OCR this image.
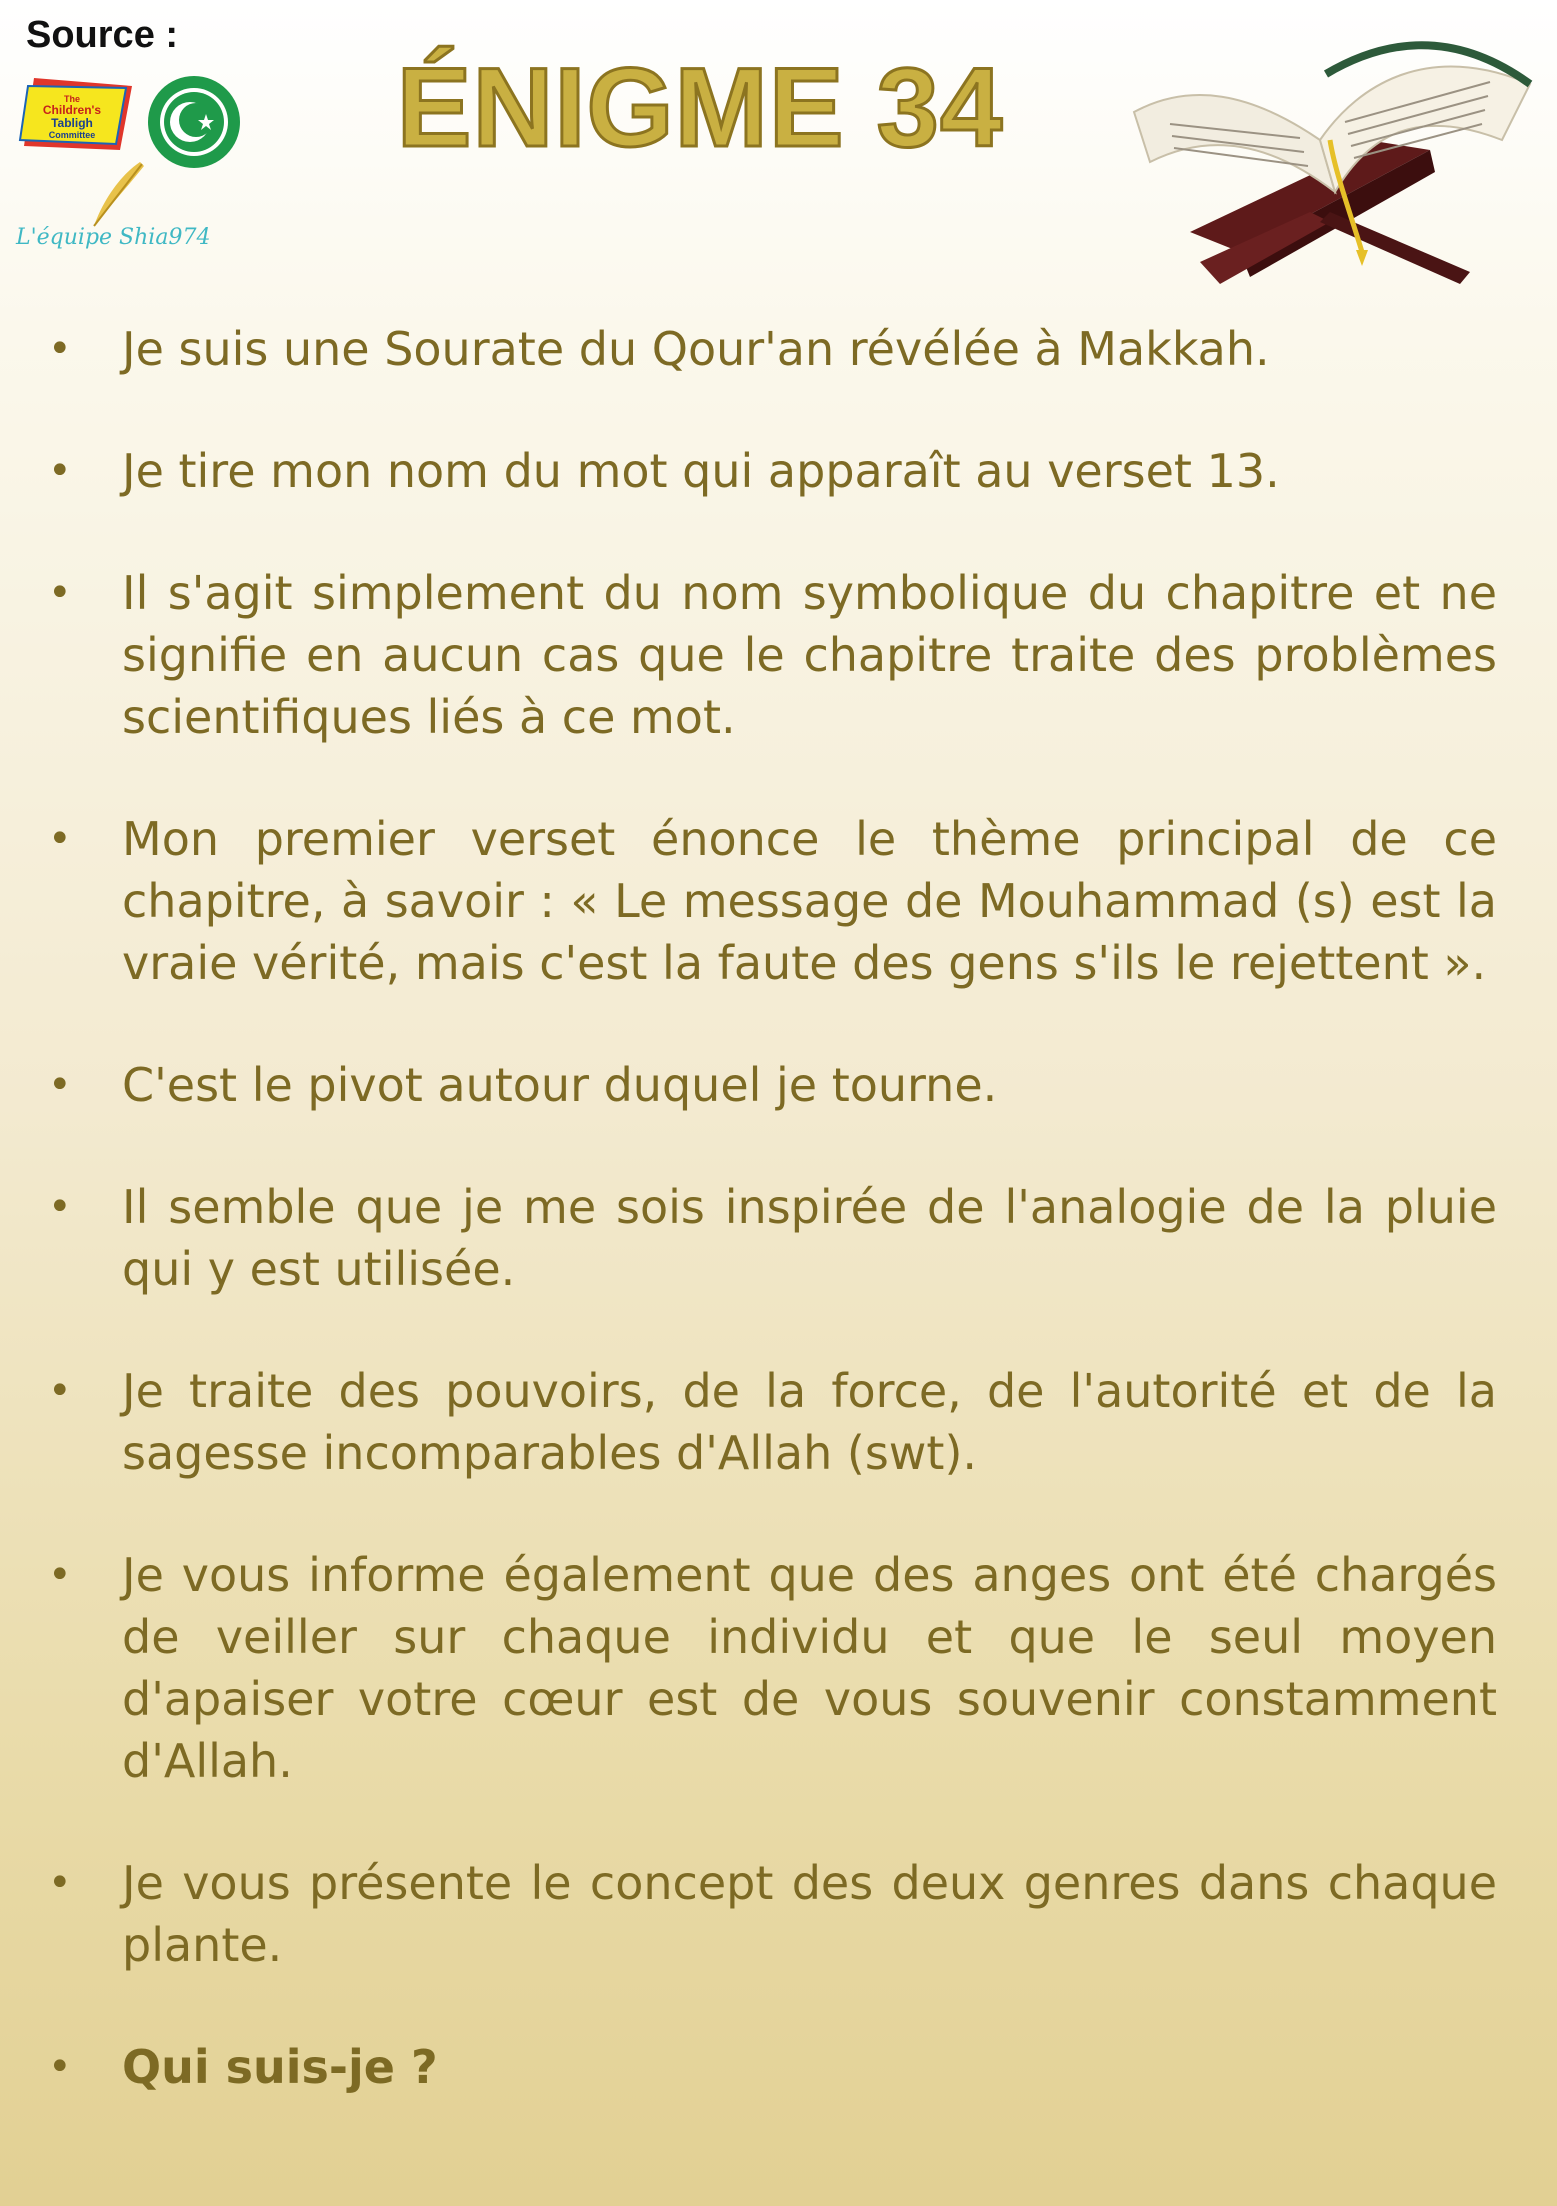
Source :
The
Children's
Tabligh
Committee
L'équipe Shia974
ÉNIGME 34
• Je suis une Sourate du Qour'an révélée à Makkah.
• Je tire mon nom du mot qui apparaît au verset 13.
• Il s'agit simplement du nom symbolique du chapitre et ne signifie en aucun cas que le chapitre traite des problèmes scientifiques liés à ce mot.
• Mon premier verset énonce le thème principal de ce chapitre, à savoir : « Le message de Mouhammad (s) est la vraie vérité, mais c'est la faute des gens s'ils le rejettent ».
• C'est le pivot autour duquel je tourne.
• Il semble que je me sois inspirée de l'analogie de la pluie qui y est utilisée.
• Je traite des pouvoirs, de la force, de l'autorité et de la sagesse incomparables d'Allah (swt).
• Je vous informe également que des anges ont été chargés de veiller sur chaque individu et que le seul moyen d'apaiser votre cœur est de vous souvenir constamment d'Allah.
• Je vous présente le concept des deux genres dans chaque plante.
• Qui suis-je ?
